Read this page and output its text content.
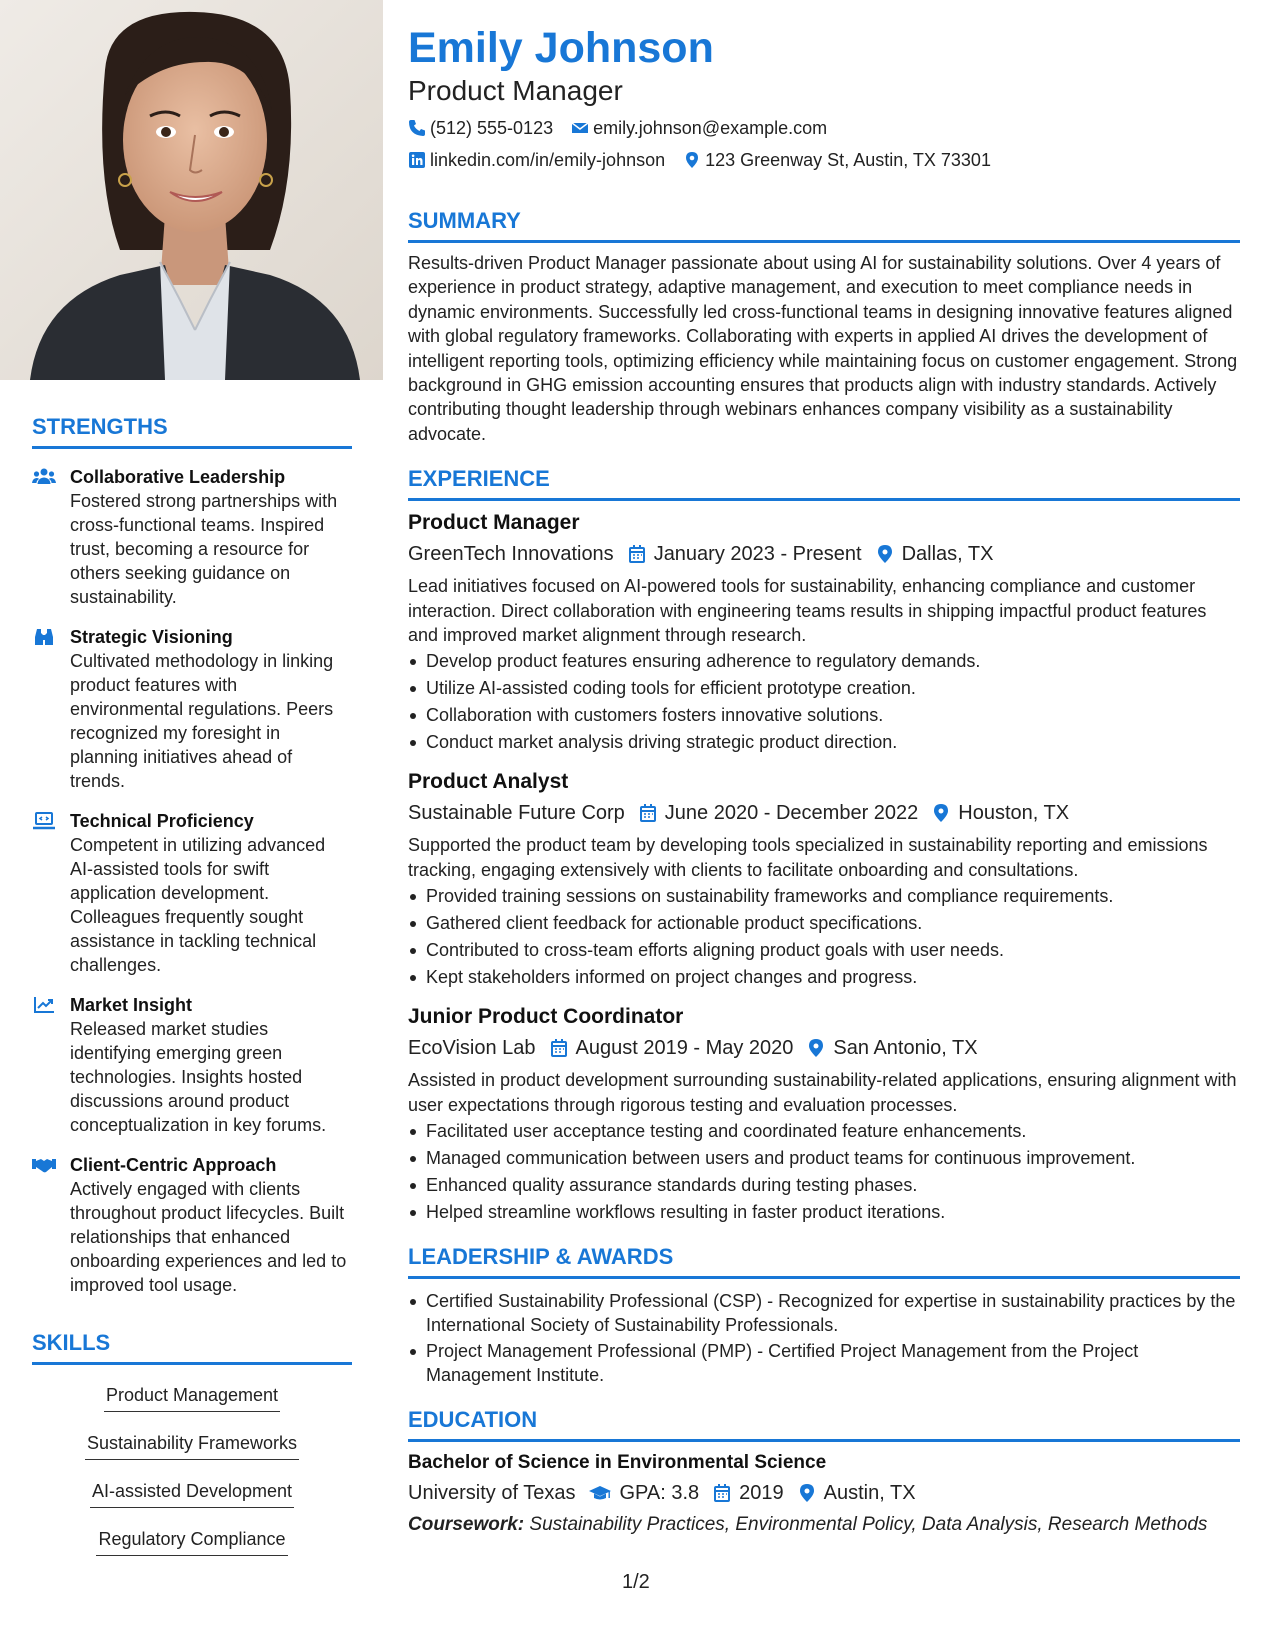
STRENGTHS
Collaborative Leadership
Fostered strong partnerships with cross-functional teams. Inspired trust, becoming a resource for others seeking guidance on sustainability.
Strategic Visioning
Cultivated methodology in linking product features with environmental regulations. Peers recognized my foresight in planning initiatives ahead of trends.
Technical Proficiency
Competent in utilizing advanced AI-assisted tools for swift application development. Colleagues frequently sought assistance in tackling technical challenges.
Market Insight
Released market studies identifying emerging green technologies. Insights hosted discussions around product conceptualization in key forums.
Client-Centric Approach
Actively engaged with clients throughout product lifecycles. Built relationships that enhanced onboarding experiences and led to improved tool usage.
SKILLS
Product Management
Sustainability Frameworks
AI-assisted Development
Regulatory Compliance
Emily Johnson
Product Manager
(512) 555-0123 emily.johnson@example.com
linkedin.com/in/emily-johnson 123 Greenway St, Austin, TX 73301
SUMMARY
Results-driven Product Manager passionate about using AI for sustainability solutions. Over 4 years of experience in product strategy, adaptive management, and execution to meet compliance needs in dynamic environments. Successfully led cross-functional teams in designing innovative features aligned with global regulatory frameworks. Collaborating with experts in applied AI drives the development of intelligent reporting tools, optimizing efficiency while maintaining focus on customer engagement. Strong background in GHG emission accounting ensures that products align with industry standards. Actively contributing thought leadership through webinars enhances company visibility as a sustainability advocate.
EXPERIENCE
Product Manager
GreenTech Innovations January 2023 - Present Dallas, TX
Lead initiatives focused on AI-powered tools for sustainability, enhancing compliance and customer interaction. Direct collaboration with engineering teams results in shipping impactful product features and improved market alignment through research.
Develop product features ensuring adherence to regulatory demands.
Utilize AI-assisted coding tools for efficient prototype creation.
Collaboration with customers fosters innovative solutions.
Conduct market analysis driving strategic product direction.
Product Analyst
Sustainable Future Corp June 2020 - December 2022 Houston, TX
Supported the product team by developing tools specialized in sustainability reporting and emissions tracking, engaging extensively with clients to facilitate onboarding and consultations.
Provided training sessions on sustainability frameworks and compliance requirements.
Gathered client feedback for actionable product specifications.
Contributed to cross-team efforts aligning product goals with user needs.
Kept stakeholders informed on project changes and progress.
Junior Product Coordinator
EcoVision Lab August 2019 - May 2020 San Antonio, TX
Assisted in product development surrounding sustainability-related applications, ensuring alignment with user expectations through rigorous testing and evaluation processes.
Facilitated user acceptance testing and coordinated feature enhancements.
Managed communication between users and product teams for continuous improvement.
Enhanced quality assurance standards during testing phases.
Helped streamline workflows resulting in faster product iterations.
LEADERSHIP & AWARDS
Certified Sustainability Professional (CSP) - Recognized for expertise in sustainability practices by the International Society of Sustainability Professionals.
Project Management Professional (PMP) - Certified Project Management from the Project Management Institute.
EDUCATION
Bachelor of Science in Environmental Science
University of Texas GPA: 3.8 2019 Austin, TX
Coursework: Sustainability Practices, Environmental Policy, Data Analysis, Research Methods
1/2
